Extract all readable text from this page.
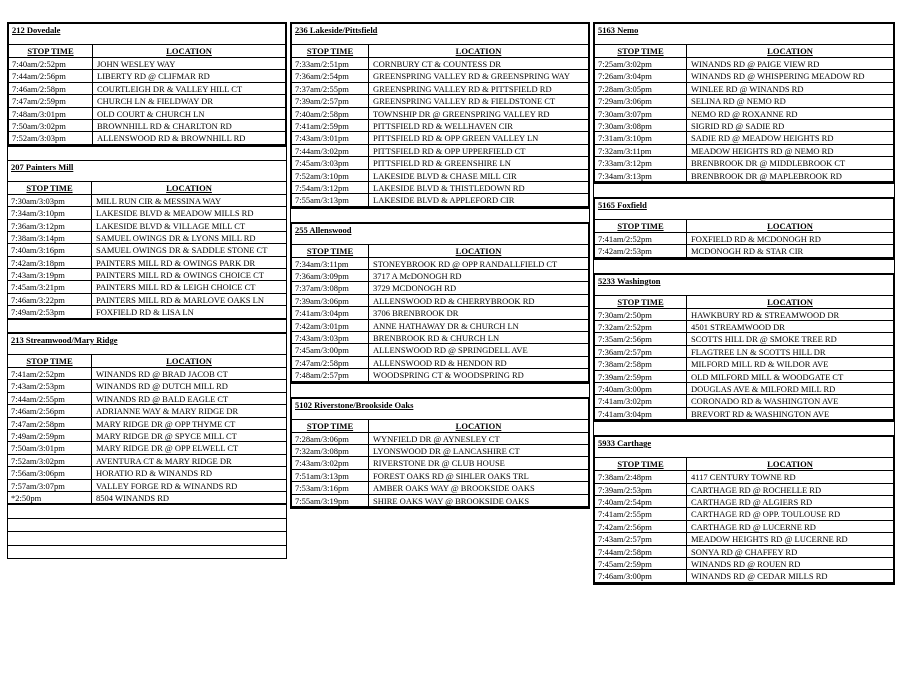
212 Dovedale
STOP TIME	LOCATION
7:40am/2:52pm	JOHN WESLEY WAY
7:44am/2:56pm	LIBERTY RD @ CLIFMAR RD
7:46am/2:58pm	COURTLEIGH DR & VALLEY HILL CT
7:47am/2:59pm	CHURCH LN & FIELDWAY DR
7:48am/3:01pm	OLD COURT & CHURCH LN
7:50am/3:02pm	BROWNHILL RD & CHARLTON RD
7:52am/3:03pm	ALLENSWOOD RD & BROWNHILL RD
207 Painters Mill
STOP TIME	LOCATION
7:30am/3:03pm	MILL RUN CIR & MESSINA WAY
7:34am/3:10pm	LAKESIDE BLVD & MEADOW MILLS RD
7:36am/3:12pm	LAKESIDE BLVD & VILLAGE MILL CT
7:38am/3:14pm	SAMUEL OWINGS DR & LYONS MILL RD
7:40am/3:16pm	SAMUEL OWINGS DR & SADDLE STONE CT
7:42am/3:18pm	PAINTERS MILL RD & OWINGS PARK DR
7:43am/3:19pm	PAINTERS MILL RD & OWINGS CHOICE CT
7:45am/3:21pm	PAINTERS MILL RD & LEIGH CHOICE CT
7:46am/3:22pm	PAINTERS MILL RD & MARLOVE OAKS LN
7:49am/2:53pm	FOXFIELD RD & LISA LN
213 Streamwood/Mary Ridge
STOP TIME	LOCATION
7:41am/2:52pm	WINANDS RD @ BRAD JACOB CT
7:43am/2:53pm	WINANDS RD @ DUTCH MILL RD
7:44am/2:55pm	WINANDS RD @ BALD EAGLE CT
7:46am/2:56pm	ADRIANNE WAY & MARY RIDGE DR
7:47am/2:58pm	MARY RIDGE DR @ OPP THYME CT
7:49am/2:59pm	MARY RIDGE DR @ SPYCE MILL CT
7:50am/3:01pm	MARY RIDGE DR @ OPP ELWELL CT
7:52am/3:02pm	AVENTURA CT & MARY RIDGE DR
7:56am/3:06pm	HORATIO RD & WINANDS RD
7:57am/3:07pm	VALLEY FORGE RD & WINANDS RD
*2:50pm	8504 WINANDS RD
236 Lakeside/Pittsfield
STOP TIME	LOCATION
7:33am/2:51pm	CORNBURY CT & COUNTESS DR
7:36am/2:54pm	GREENSPRING VALLEY RD & GREENSPRING WAY
7:37am/2:55pm	GREENSPRING VALLEY RD & PITTSFIELD RD
7:39am/2:57pm	GREENSPRING VALLEY RD & FIELDSTONE CT
7:40am/2:58pm	TOWNSHIP DR @ GREENSPRING VALLEY RD
7:41am/2:59pm	PITTSFIELD RD & WELLHAVEN CIR
7:43am/3:01pm	PITTSFIELD RD & OPP GREEN VALLEY LN
7:44am/3:02pm	PITTSFIELD RD & OPP UPPERFIELD CT
7:45am/3:03pm	PITTSFIELD RD & GREENSHIRE LN
7:52am/3:10pm	LAKESIDE BLVD & CHASE MILL CIR
7:54am/3:12pm	LAKESIDE BLVD & THISTLEDOWN RD
7:55am/3:13pm	LAKESIDE BLVD & APPLEFORD CIR
255 Allenswood
STOP TIME	LOCATION
7:34am/3:11pm	STONEYBROOK RD @ OPP RANDALLFIELD CT
7:36am/3:09pm	3717 A McDONOGH RD
7:37am/3:08pm	3729 MCDONOGH RD
7:39am/3:06pm	ALLENSWOOD RD & CHERRYBROOK RD
7:41am/3:04pm	3706 BRENBROOK DR
7:42am/3:01pm	ANNE HATHAWAY DR & CHURCH LN
7:43am/3:03pm	BRENBROOK RD & CHURCH LN
7:45am/3:00pm	ALLENSWOOD RD @ SPRINGDELL AVE
7:47am/2:58pm	ALLENSWOOD RD & HENDON RD
7:48am/2:57pm	WOODSPRING CT & WOODSPRING RD
5102 Riverstone/Brookside Oaks
STOP TIME	LOCATION
7:28am/3:06pm	WYNFIELD DR @ AYNESLEY CT
7:32am/3:08pm	LYONSWOOD DR @ LANCASHIRE CT
7:43am/3:02pm	RIVERSTONE DR @ CLUB HOUSE
7:51am/3:13pm	FOREST OAKS RD @ SIHLER OAKS TRL
7:53am/3:16pm	AMBER OAKS WAY @ BROOKSIDE OAKS
7:55am/3:19pm	SHIRE OAKS WAY @ BROOKSIDE OAKS
5163 Nemo
STOP TIME	LOCATION
7:25am/3:02pm	WINANDS RD @ PAIGE VIEW RD
7:26am/3:04pm	WINANDS RD @ WHISPERING MEADOW RD
7:28am/3:05pm	WINLEE RD @ WINANDS RD
7:29am/3:06pm	SELINA RD @ NEMO RD
7:30am/3:07pm	NEMO RD @ ROXANNE RD
7:30am/3:08pm	SIGRID RD @ SADIE RD
7:31am/3:10pm	SADIE RD @ MEADOW HEIGHTS RD
7:32am/3:11pm	MEADOW HEIGHTS RD @ NEMO RD
7:33am/3:12pm	BRENBROOK DR @ MIDDLEBROOK CT
7:34am/3:13pm	BRENBROOK DR @ MAPLEBROOK RD
5165 Foxfield
STOP TIME	LOCATION
7:41am/2:52pm	FOXFIELD RD & MCDONOGH RD
7:42am/2:53pm	MCDONOGH RD & STAR CIR
5233 Washington
STOP TIME	LOCATION
7:30am/2:50pm	HAWKBURY RD & STREAMWOOD DR
7:32am/2:52pm	4501 STREAMWOOD DR
7:35am/2:56pm	SCOTTS HILL DR @ SMOKE TREE RD
7:36am/2:57pm	FLAGTREE LN & SCOTTS HILL DR
7:38am/2:58pm	MILFORD MILL RD & WILDOR AVE
7:39am/2:59pm	OLD MILFORD MILL & WOODGATE CT
7:40am/3:00pm	DOUGLAS AVE & MILFORD MILL RD
7:41am/3:02pm	CORONADO RD & WASHINGTON AVE
7:41am/3:04pm	BREVORT RD & WASHINGTON AVE
5933 Carthage
STOP TIME	LOCATION
7:38am/2:48pm	4117 CENTURY TOWNE RD
7:39am/2:53pm	CARTHAGE RD @ ROCHELLE RD
7:40am/2:54pm	CARTHAGE RD @ ALGIERS RD
7:41am/2:55pm	CARTHAGE RD @ OPP. TOULOUSE RD
7:42am/2:56pm	CARTHAGE RD @ LUCERNE RD
7:43am/2:57pm	MEADOW HEIGHTS RD @ LUCERNE RD
7:44am/2:58pm	SONYA RD @ CHAFFEY RD
7:45am/2:59pm	WINANDS RD @ ROUEN RD
7:46am/3:00pm	WINANDS RD @ CEDAR MILLS RD
